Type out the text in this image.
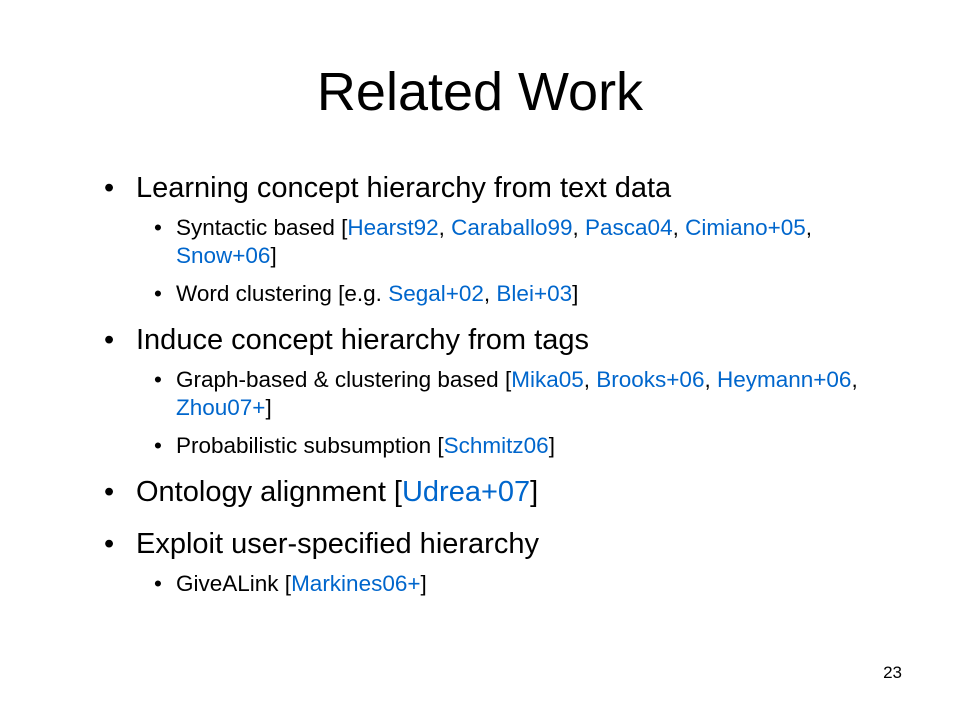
Related Work
• Learning concept hierarchy from text data
• Syntactic based [Hearst92, Caraballo99, Pasca04, Cimiano+05, Snow+06]
• Word clustering [e.g. Segal+02, Blei+03]
• Induce concept hierarchy from tags
• Graph-based & clustering based [Mika05, Brooks+06, Heymann+06, Zhou07+]
• Probabilistic subsumption [Schmitz06]
• Ontology alignment [Udrea+07]
• Exploit user-specified hierarchy
• GiveALink [Markines06+]
23
